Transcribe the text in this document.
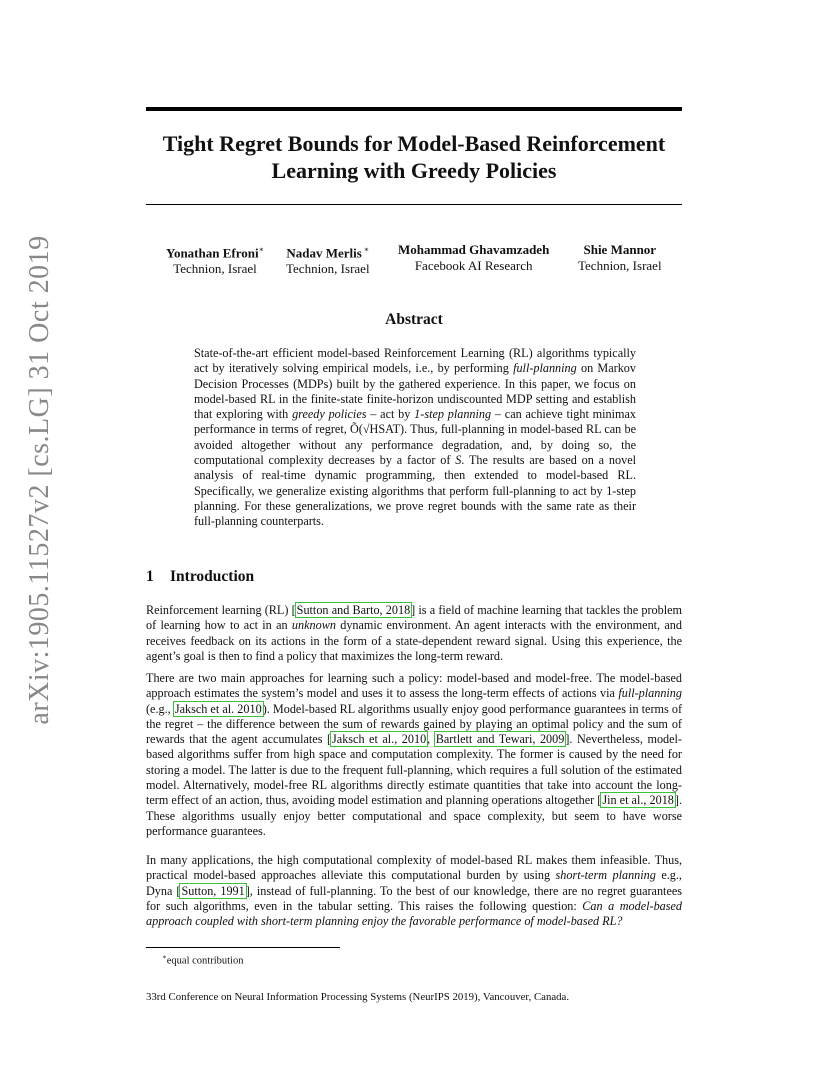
arXiv:1905.11527v2 [cs.LG] 31 Oct 2019
Tight Regret Bounds for Model-Based Reinforcement
Learning with Greedy Policies
Yonathan Efroni∗
Technion, Israel
Nadav Merlis ∗
Technion, Israel
Mohammad Ghavamzadeh
Facebook AI Research
Shie Mannor
Technion, Israel
Abstract

State-of-the-art efficient model-based Reinforcement Learning (RL) algorithms typically act by iteratively solving empirical models, i.e., by performing full-planning on Markov Decision Processes (MDPs) built by the gathered experience. In this paper, we focus on model-based RL in the finite-state finite-horizon undiscounted MDP setting and establish that exploring with greedy policies – act by 1-step planning – can achieve tight minimax performance in terms of regret, Õ(√HSAT). Thus, full-planning in model-based RL can be avoided altogether without any performance degradation, and, by doing so, the computational complexity decreases by a factor of S. The results are based on a novel analysis of real-time dynamic programming, then extended to model-based RL. Specifically, we generalize existing algorithms that perform full-planning to act by 1-step planning. For these generalizations, we prove regret bounds with the same rate as their full-planning counterparts.

1 Introduction

Reinforcement learning (RL) [Sutton and Barto, 2018] is a field of machine learning that tackles the problem of learning how to act in an unknown dynamic environment. An agent interacts with the environment, and receives feedback on its actions in the form of a state-dependent reward signal. Using this experience, the agent’s goal is then to find a policy that maximizes the long-term reward.

There are two main approaches for learning such a policy: model-based and model-free. The model-based approach estimates the system’s model and uses it to assess the long-term effects of actions via full-planning (e.g., Jaksch et al. 2010). Model-based RL algorithms usually enjoy good performance guarantees in terms of the regret – the difference between the sum of rewards gained by playing an optimal policy and the sum of rewards that the agent accumulates [Jaksch et al., 2010, Bartlett and Tewari, 2009]. Nevertheless, model-based algorithms suffer from high space and computation complexity. The former is caused by the need for storing a model. The latter is due to the frequent full-planning, which requires a full solution of the estimated model. Alternatively, model-free RL algorithms directly estimate quantities that take into account the long-term effect of an action, thus, avoiding model estimation and planning operations altogether [Jin et al., 2018]. These algorithms usually enjoy better computational and space complexity, but seem to have worse performance guarantees.

In many applications, the high computational complexity of model-based RL makes them infeasible. Thus, practical model-based approaches alleviate this computational burden by using short-term planning e.g., Dyna [Sutton, 1991], instead of full-planning. To the best of our knowledge, there are no regret guarantees for such algorithms, even in the tabular setting. This raises the following question: Can a model-based approach coupled with short-term planning enjoy the favorable performance of model-based RL?

∗equal contribution

33rd Conference on Neural Information Processing Systems (NeurIPS 2019), Vancouver, Canada.
